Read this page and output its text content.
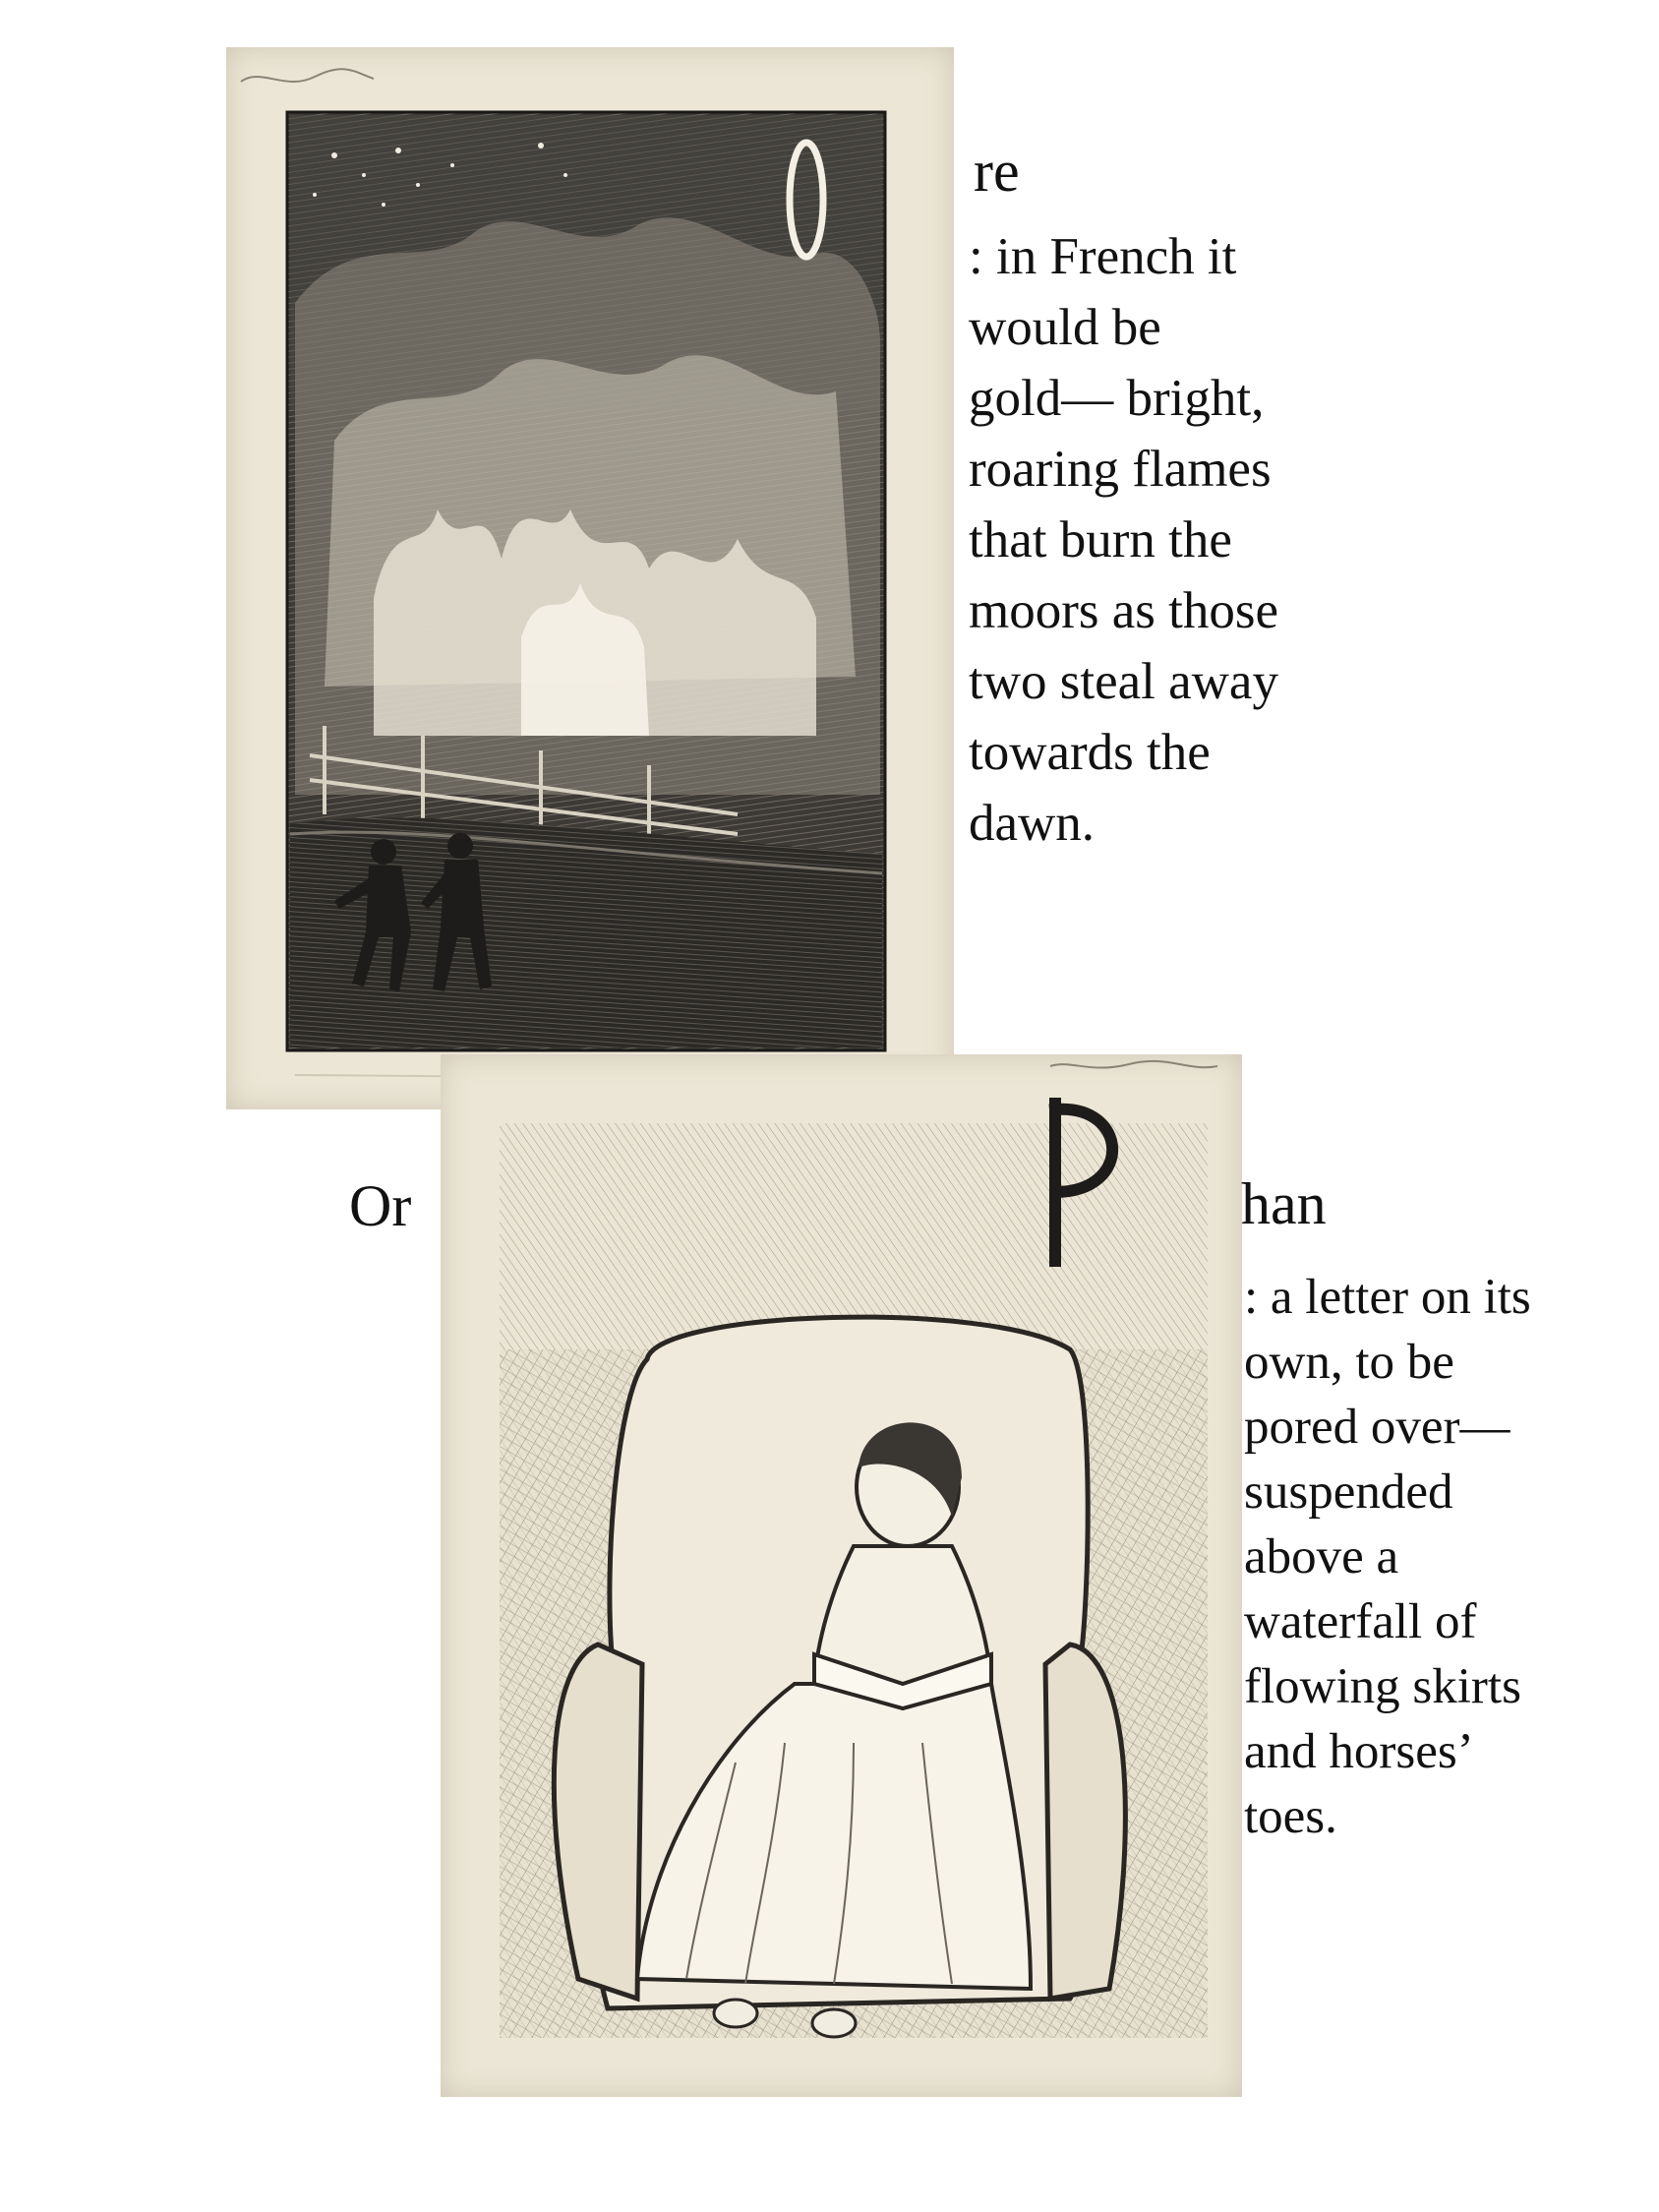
re
: in French it
would be
gold— bright,
roaring flames
that burn the
moors as those
two steal away
towards the
dawn.
Or	han
: a letter on its
own, to be
pored over—
suspended
above a
waterfall of
flowing skirts
and horses’
toes.
